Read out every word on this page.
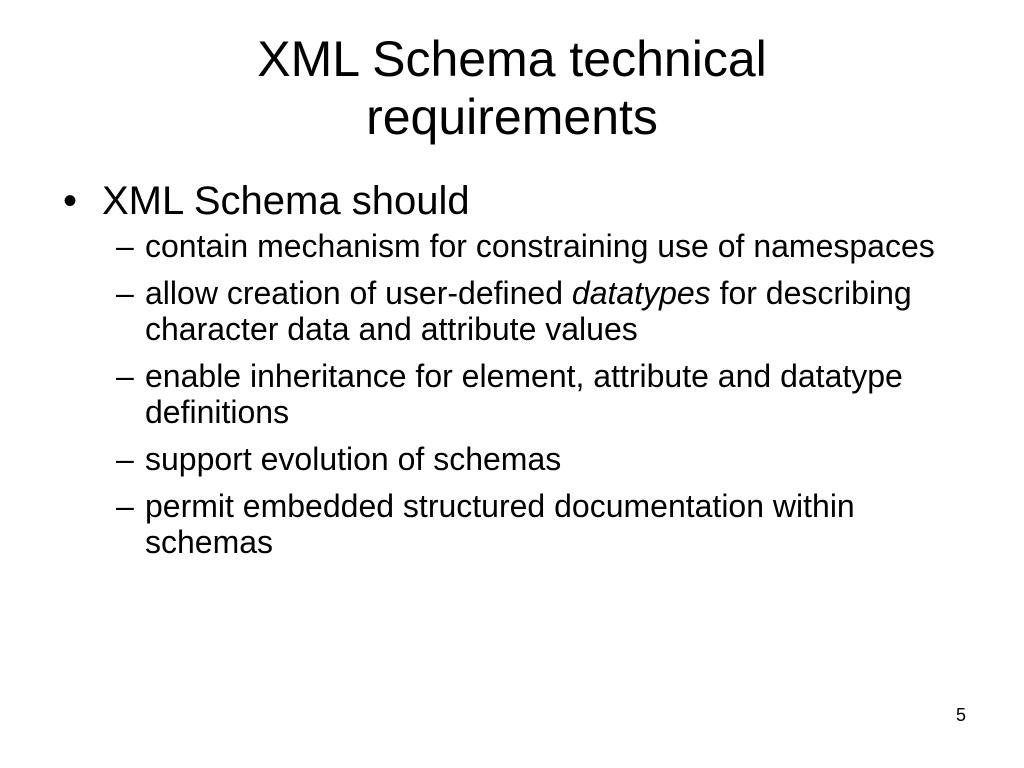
XML Schema technical
requirements
• XML Schema should
– contain mechanism for constraining use of namespaces
– allow creation of user-defined datatypes for describing character data and attribute values
– enable inheritance for element, attribute and datatype definitions
– support evolution of schemas
– permit embedded structured documentation within schemas
5
